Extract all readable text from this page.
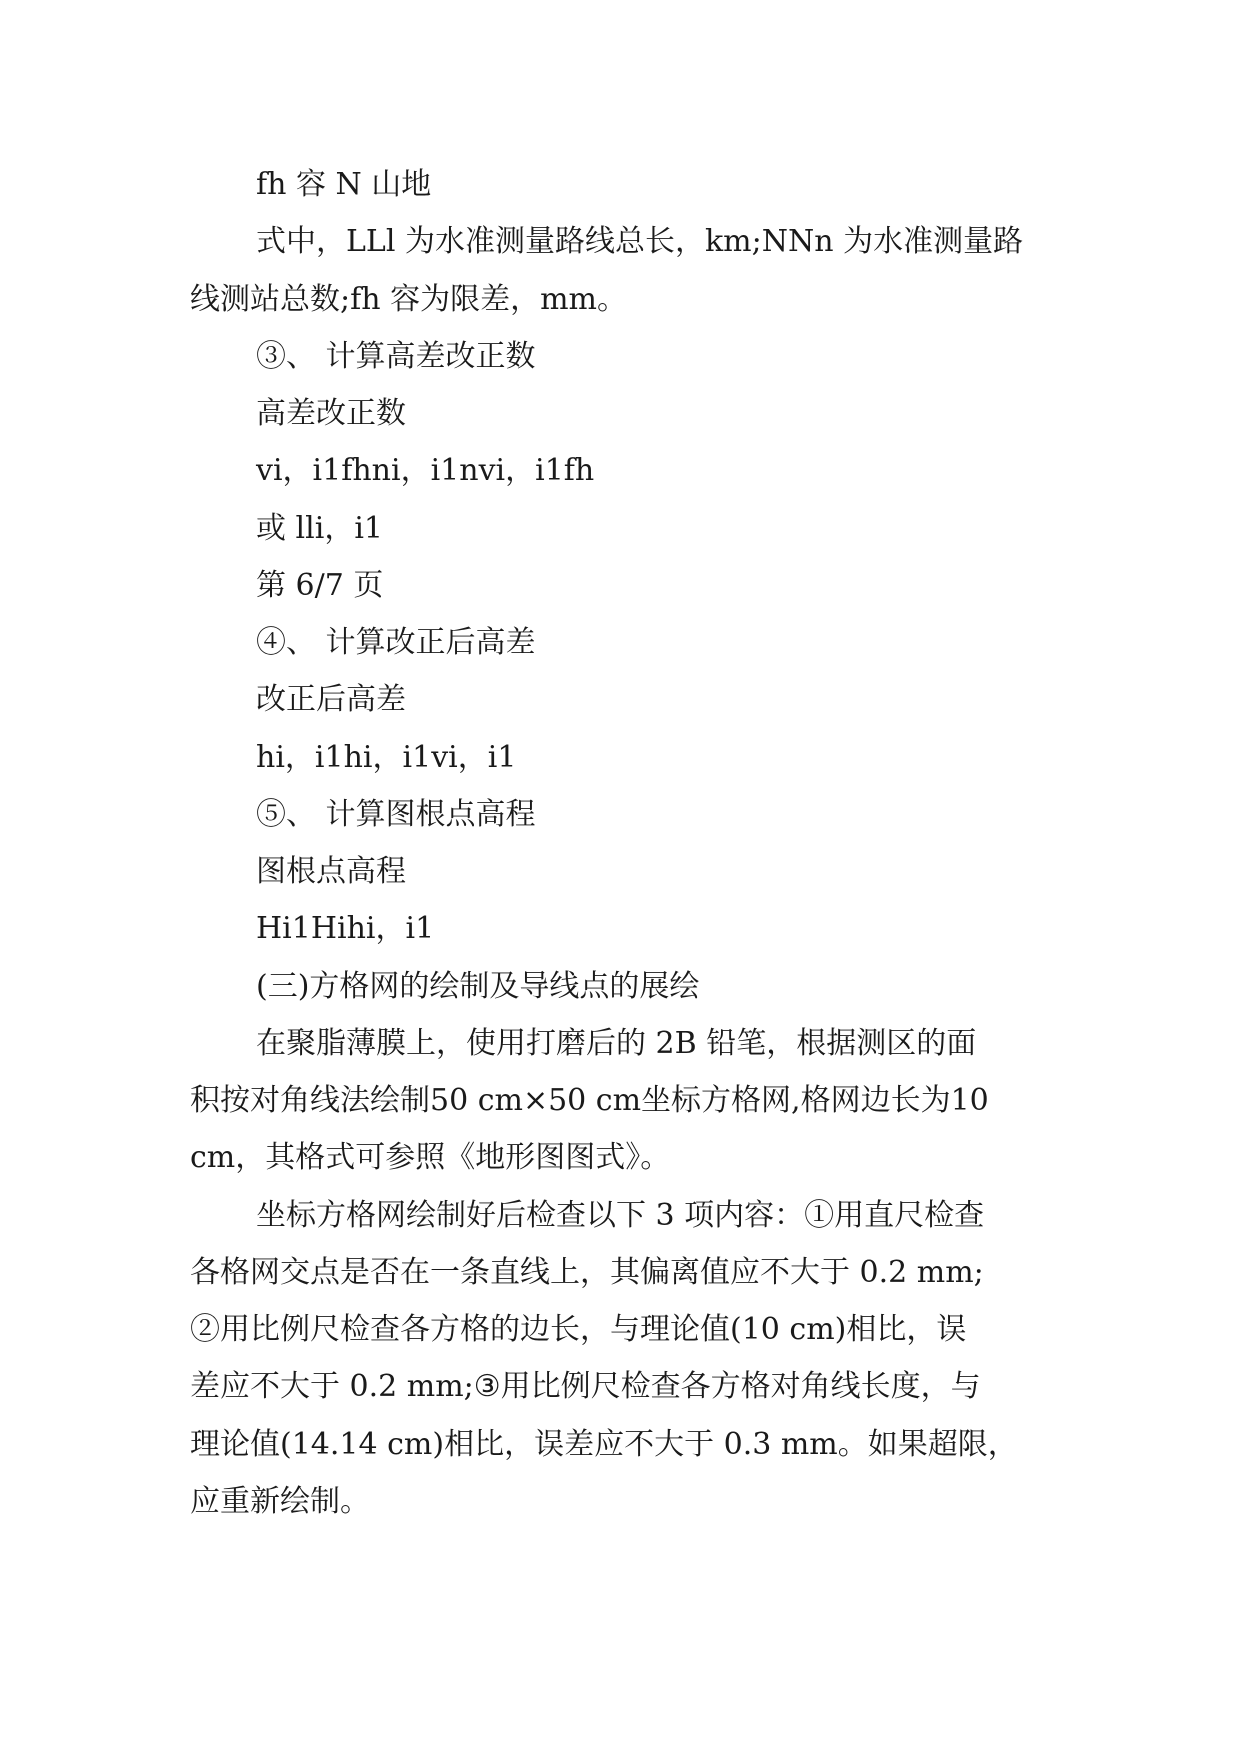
fh 容 N 山地
式中，LLl 为水准测量路线总长，km;NNn 为水准测量路
线测站总数;fh 容为限差，mm。
③、 计算高差改正数
高差改正数
vi，i1fhni，i1nvi，i1fh
或 lli，i1
第 6/7 页
④、 计算改正后高差
改正后高差
hi，i1hi，i1vi，i1
⑤、 计算图根点高程
图根点高程
Hi1Hihi，i1
(三)方格网的绘制及导线点的展绘
在聚脂薄膜上，使用打磨后的 2B 铅笔，根据测区的面
积按对角线法绘制50 cm×50 cm坐标方格网,格网边长为10
cm，其格式可参照《地形图图式》。
坐标方格网绘制好后检查以下 3 项内容：①用直尺检查
各格网交点是否在一条直线上，其偏离值应不大于 0.2 mm;
②用比例尺检查各方格的边长，与理论值(10 cm)相比，误
差应不大于 0.2 mm;③用比例尺检查各方格对角线长度，与
理论值(14.14 cm)相比，误差应不大于 0.3 mm。如果超限，
应重新绘制。
